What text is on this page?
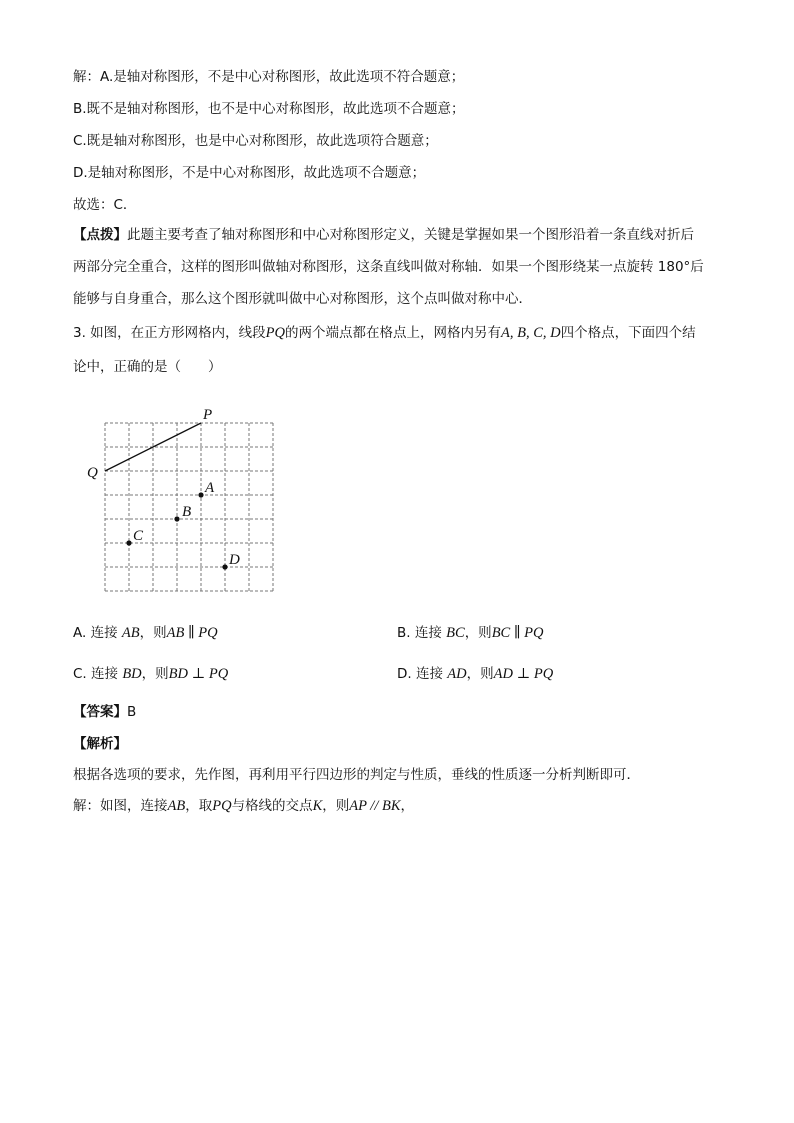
解：A.是轴对称图形，不是中心对称图形，故此选项不符合题意；
B.既不是轴对称图形，也不是中心对称图形，故此选项不合题意；
C.既是轴对称图形，也是中心对称图形，故此选项符合题意；
D.是轴对称图形，不是中心对称图形，故此选项不合题意；
故选：C．
【点拨】此题主要考查了轴对称图形和中心对称图形定义，关键是掌握如果一个图形沿着一条直线对折后
两部分完全重合，这样的图形叫做轴对称图形，这条直线叫做对称轴．如果一个图形绕某一点旋转 180°后
能够与自身重合，那么这个图形就叫做中心对称图形，这个点叫做对称中心．
3. 如图，在正方形网格内，线段PQ的两个端点都在格点上，网格内另有A, B, C, D四个格点，下面四个结
论中，正确的是（　　）
P
Q
A
B
C
D
A. 连接 AB，则AB ∥ PQ	B. 连接 BC，则BC ∥ PQ
C. 连接 BD，则BD ⊥ PQ	D. 连接 AD，则AD ⊥ PQ
【答案】B
【解析】
根据各选项的要求，先作图，再利用平行四边形的判定与性质，垂线的性质逐一分析判断即可．
解：如图，连接AB，取PQ与格线的交点K，则AP // BK，
